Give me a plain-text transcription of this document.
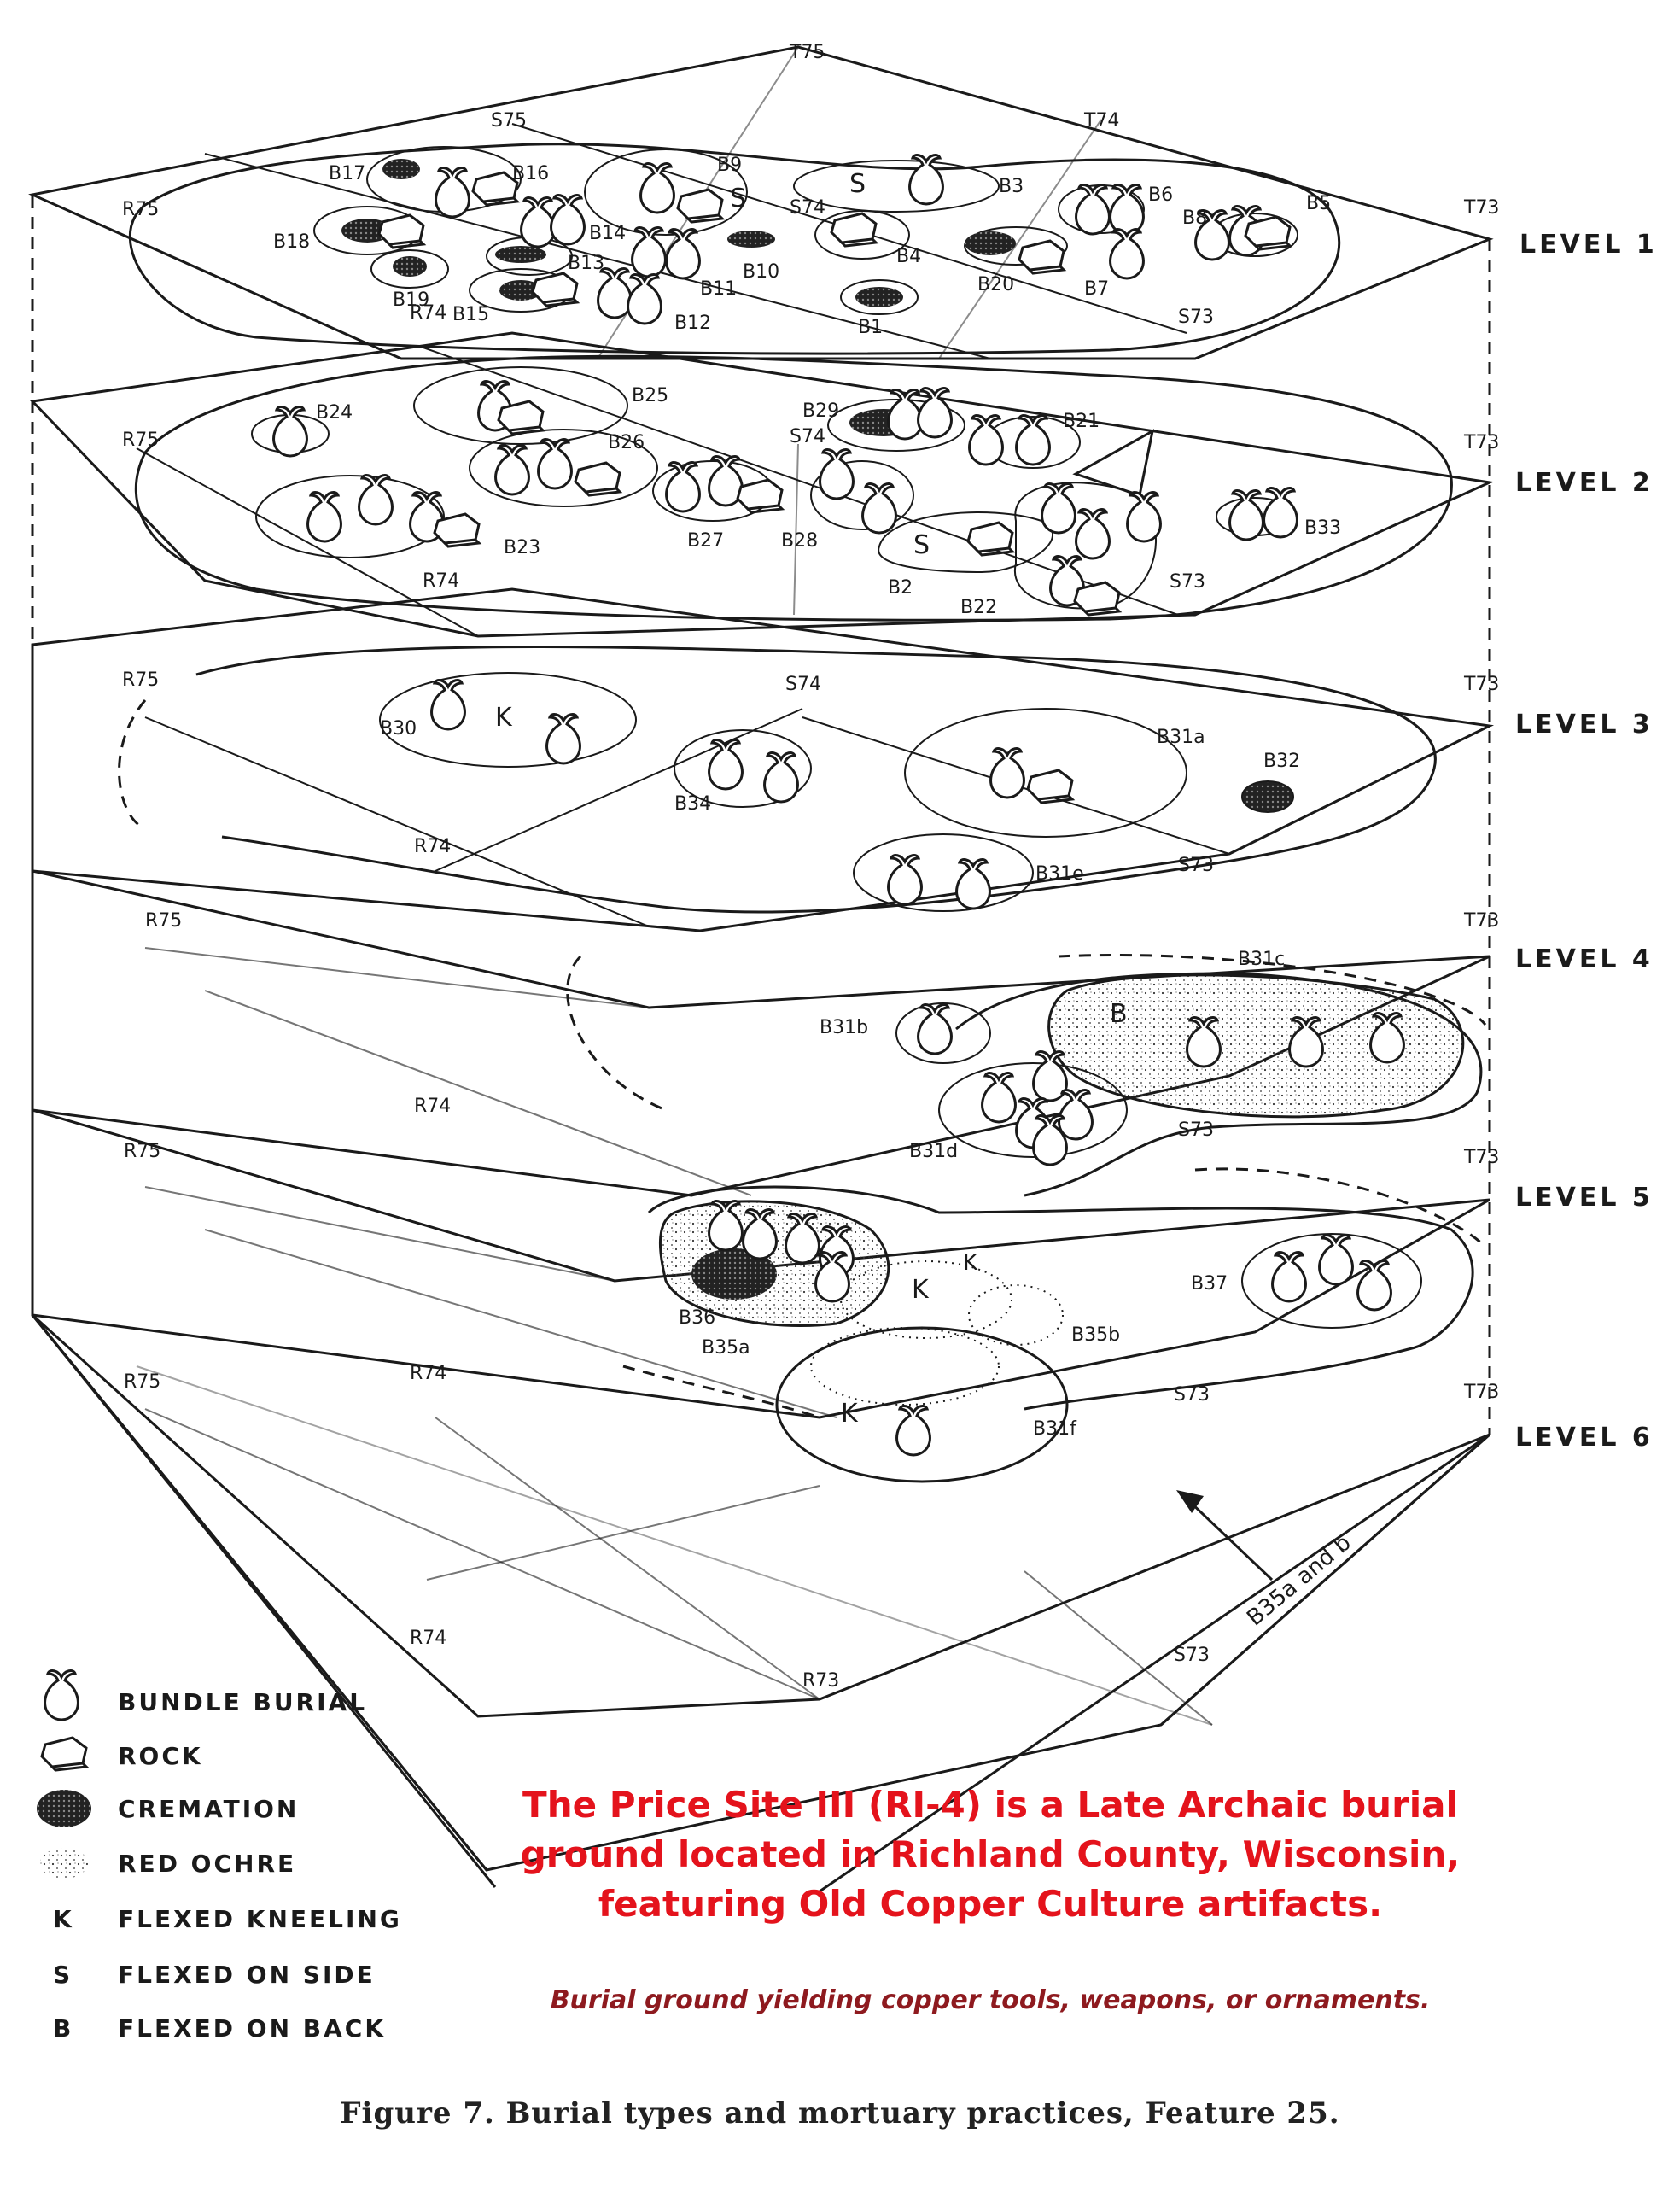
T75
S75	T74
T73
R75
R74	S73
R75	T73
R74	S73
R75	S74	T73
R74
S73
R75	T73
R74
S73
R75	T73
R75	R74
S73	T73
R74
R73
S73
LEVEL 1
LEVEL 2
LEVEL 3
LEVEL 4
LEVEL 5
LEVEL 6
B17	B16	B9
B3	B6	B5
B18	B14
S74	B8
B13	B10
B4
B20	B7
B19
B15
B11
B12	B1
S	S
B24
B25
B29	B21
B26
B23	B27	B28
B33
B2
B22
S74
S
B30	B31a
B32
B34
B31e
K
B31c
B31b
B31d
B
B37
B36
B35a
B35b
K
K
B31f
K
B35a and b
BUNDLE BURIAL
ROCK
CREMATION
RED OCHRE
K FLEXED KNEELING
S FLEXED ON SIDE
B FLEXED ON BACK
The Price Site III (RI-4) is a Late Archaic burial
ground located in Richland County, Wisconsin,
featuring Old Copper Culture artifacts.
Burial ground yielding copper tools, weapons, or ornaments.
Figure 7. Burial types and mortuary practices, Feature 25.
